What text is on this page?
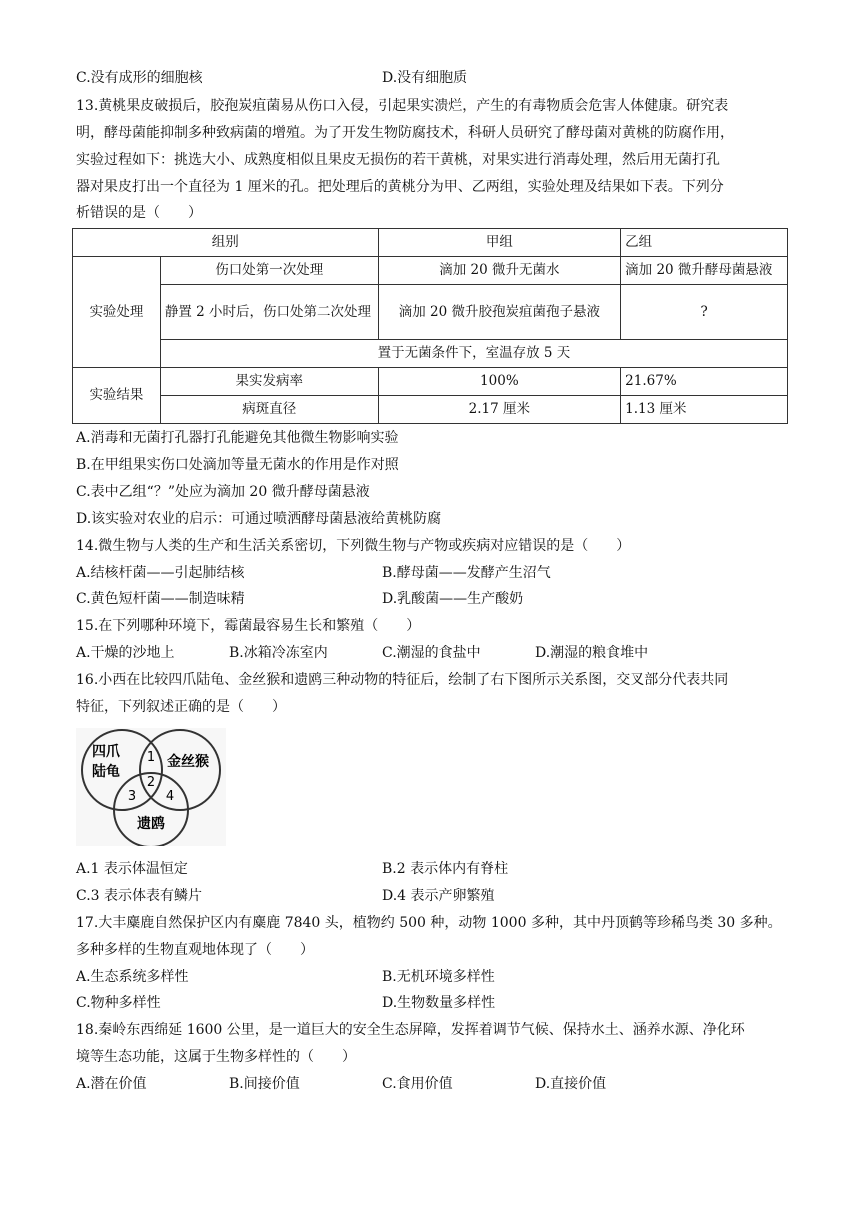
C.没有成形的细胞核	D.没有细胞质
13.黄桃果皮破损后，胶孢炭疽菌易从伤口入侵，引起果实溃烂，产生的有毒物质会危害人体健康。研究表
明，酵母菌能抑制多种致病菌的增殖。为了开发生物防腐技术，科研人员研究了酵母菌对黄桃的防腐作用，
实验过程如下：挑选大小、成熟度相似且果皮无损伤的若干黄桃，对果实进行消毒处理，然后用无菌打孔
器对果皮打出一个直径为 1 厘米的孔。把处理后的黄桃分为甲、乙两组，实验处理及结果如下表。下列分
析错误的是（　　）
组别		甲组	乙组
实验处理	伤口处第一次处理	滴加 20 微升无菌水	滴加 20 微升酵母菌悬液
	静置 2 小时后，伤口处第二次处理	滴加 20 微升胶孢炭疽菌孢子悬液	?
	置于无菌条件下，室温存放 5 天		
实验结果	果实发病率	100%	21.67%
	病斑直径	2.17 厘米	1.13 厘米
A.消毒和无菌打孔器打孔能避免其他微生物影响实验
B.在甲组果实伤口处滴加等量无菌水的作用是作对照
C.表中乙组“？”处应为滴加 20 微升酵母菌悬液
D.该实验对农业的启示：可通过喷洒酵母菌悬液给黄桃防腐
14.微生物与人类的生产和生活关系密切，下列微生物与产物或疾病对应错误的是（　　）
A.结核杆菌——引起肺结核	B.酵母菌——发酵产生沼气
C.黄色短杆菌——制造味精	D.乳酸菌——生产酸奶
15.在下列哪种环境下，霉菌最容易生长和繁殖（　　）
A.干燥的沙地上	B.冰箱冷冻室内	C.潮湿的食盐中	D.潮湿的粮食堆中
16.小西在比较四爪陆龟、金丝猴和遗鸥三种动物的特征后，绘制了右下图所示关系图，交叉部分代表共同
特征，下列叙述正确的是（　　）
四爪
陆龟
金丝猴
遗鸥
1
2
3 4
A.1 表示体温恒定	B.2 表示体内有脊柱
C.3 表示体表有鳞片	D.4 表示产卵繁殖
17.大丰麋鹿自然保护区内有麋鹿 7840 头，植物约 500 种，动物 1000 多种，其中丹顶鹤等珍稀鸟类 30 多种。
多种多样的生物直观地体现了（　　）
A.生态系统多样性	B.无机环境多样性
C.物种多样性	D.生物数量多样性
18.秦岭东西绵延 1600 公里，是一道巨大的安全生态屏障，发挥着调节气候、保持水土、涵养水源、净化环
境等生态功能，这属于生物多样性的（　　）
A.潜在价值	B.间接价值	C.食用价值	D.直接价值
